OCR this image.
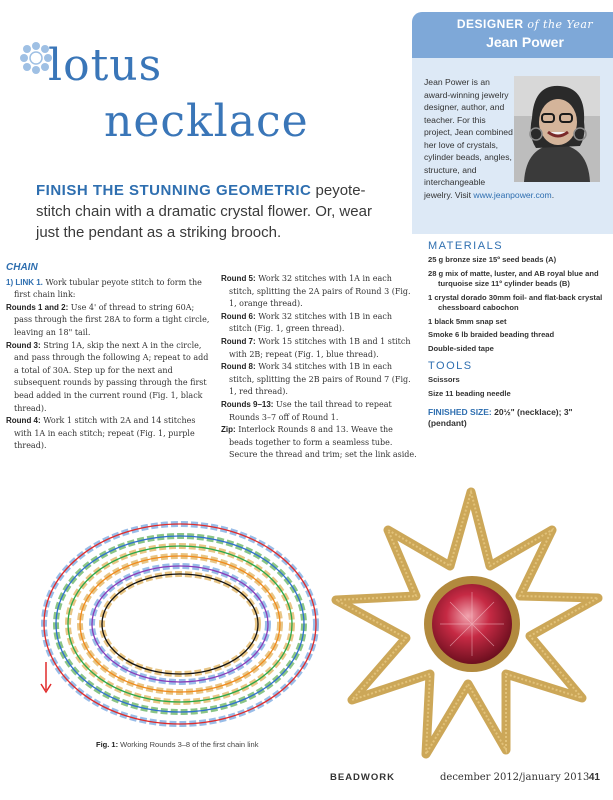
lotus
necklace
FINISH THE STUNNING GEOMETRIC peyote-stitch chain with a dramatic crystal flower. Or, wear just the pendant as a striking brooch.
DESIGNER of the Year
Jean Power
Jean Power is an award-winning jewelry designer, author, and teacher. For this project, Jean combined her love of crystals, cylinder beads, angles, structure, and interchangeable
jewelry. Visit www.jeanpower.com.
MATERIALS
25 g bronze size 15º seed beads (A)
28 g mix of matte, luster, and AB royal blue and turquoise size 11º cylinder beads (B)
1 crystal dorado 30mm foil- and flat-back crystal chessboard cabochon
1 black 5mm snap set
Smoke 6 lb braided beading thread
Double-sided tape
TOOLS
Scissors
Size 11 beading needle
FINISHED SIZE: 20½" (necklace); 3" (pendant)
CHAIN

1) LINK 1. Work tubular peyote stitch to form the first chain link:

Rounds 1 and 2: Use 4' of thread to string 60A; pass through the first 28A to form a tight circle, leaving an 18" tail.

Round 3: String 1A, skip the next A in the circle, and pass through the following A; repeat to add a total of 30A. Step up for the next and subsequent rounds by passing through the first bead added in the current round (Fig. 1, black thread).

Round 4: Work 1 stitch with 2A and 14 stitches with 1A in each stitch; repeat (Fig. 1, purple thread).

Round 5: Work 32 stitches with 1A in each stitch, splitting the 2A pairs of Round 3 (Fig. 1, orange thread).

Round 6: Work 32 stitches with 1B in each stitch (Fig. 1, green thread).

Round 7: Work 15 stitches with 1B and 1 stitch with 2B; repeat (Fig. 1, blue thread).

Round 8: Work 34 stitches with 1B in each stitch, splitting the 2B pairs of Round 7 (Fig. 1, red thread).

Rounds 9–13: Use the tail thread to repeat Rounds 3–7 off of Round 1.

Zip: Interlock Rounds 8 and 13. Weave the beads together to form a seamless tube. Secure the thread and trim; set the link aside.

Fig. 1: Working Rounds 3–8 of the first chain link
BEADWORK	december 2012/january 2013 41
